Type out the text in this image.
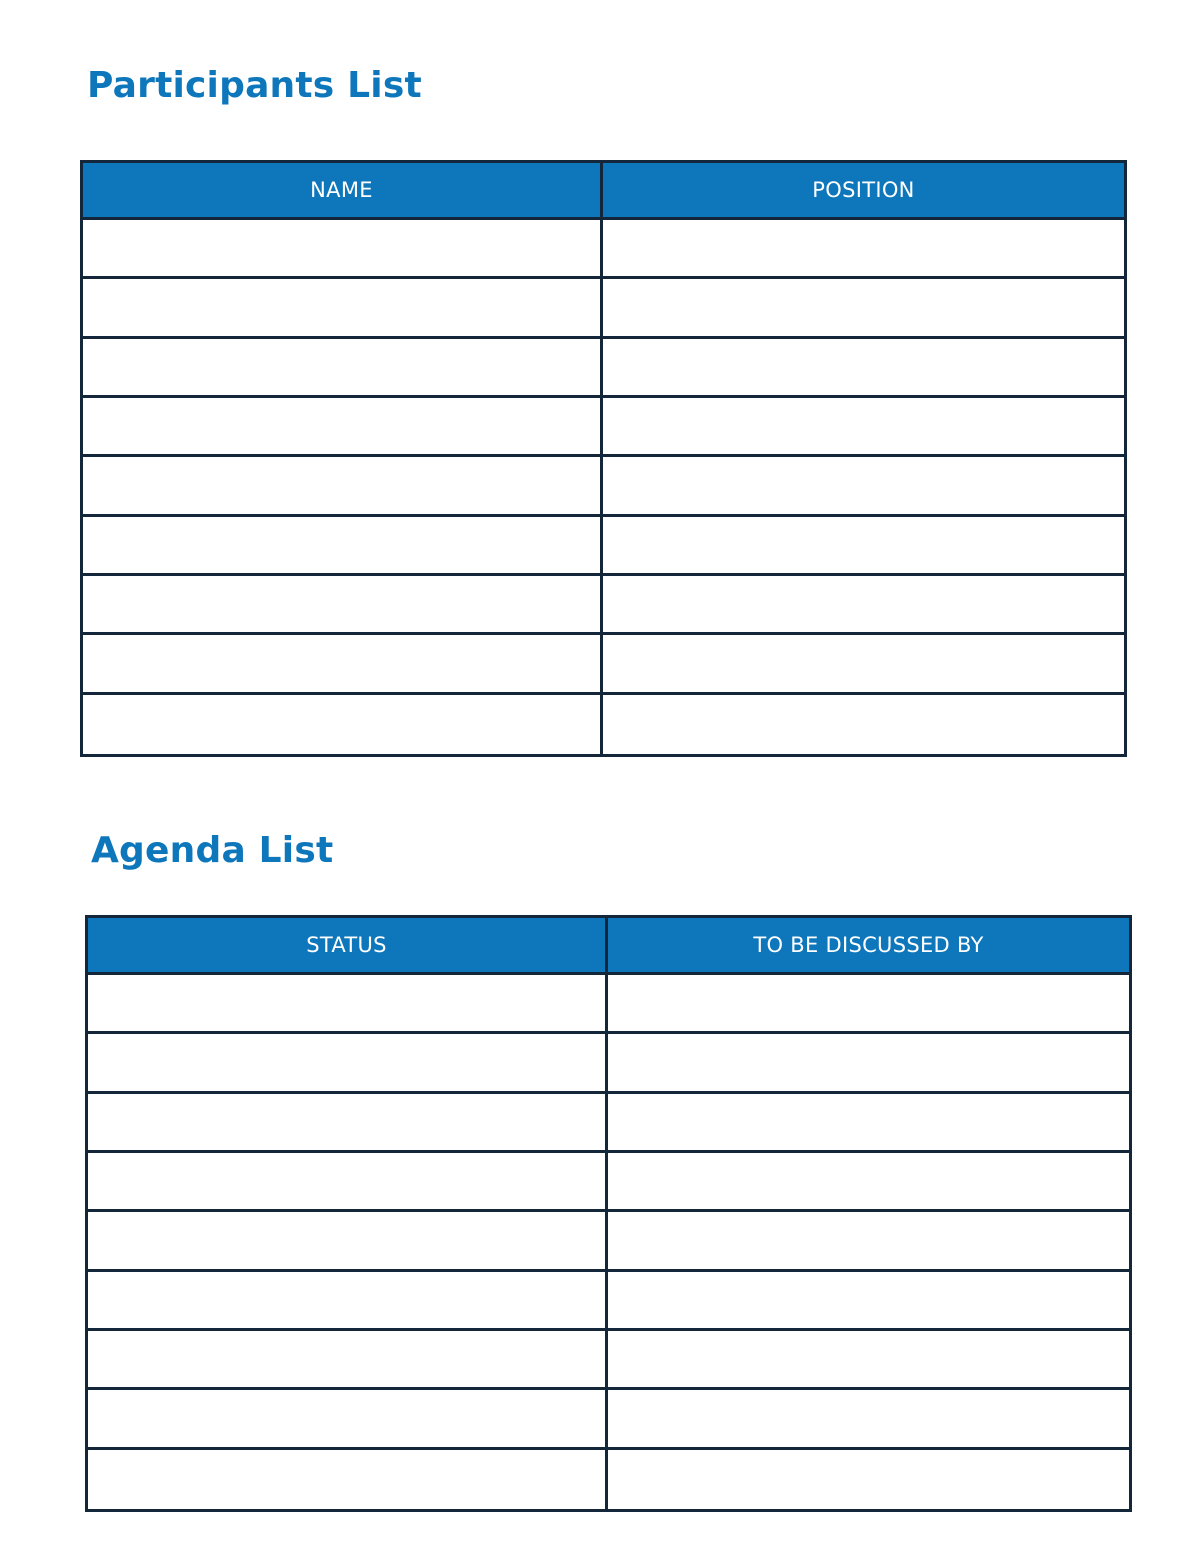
Participants List
NAME	POSITION
Agenda List
STATUS	TO BE DISCUSSED BY
